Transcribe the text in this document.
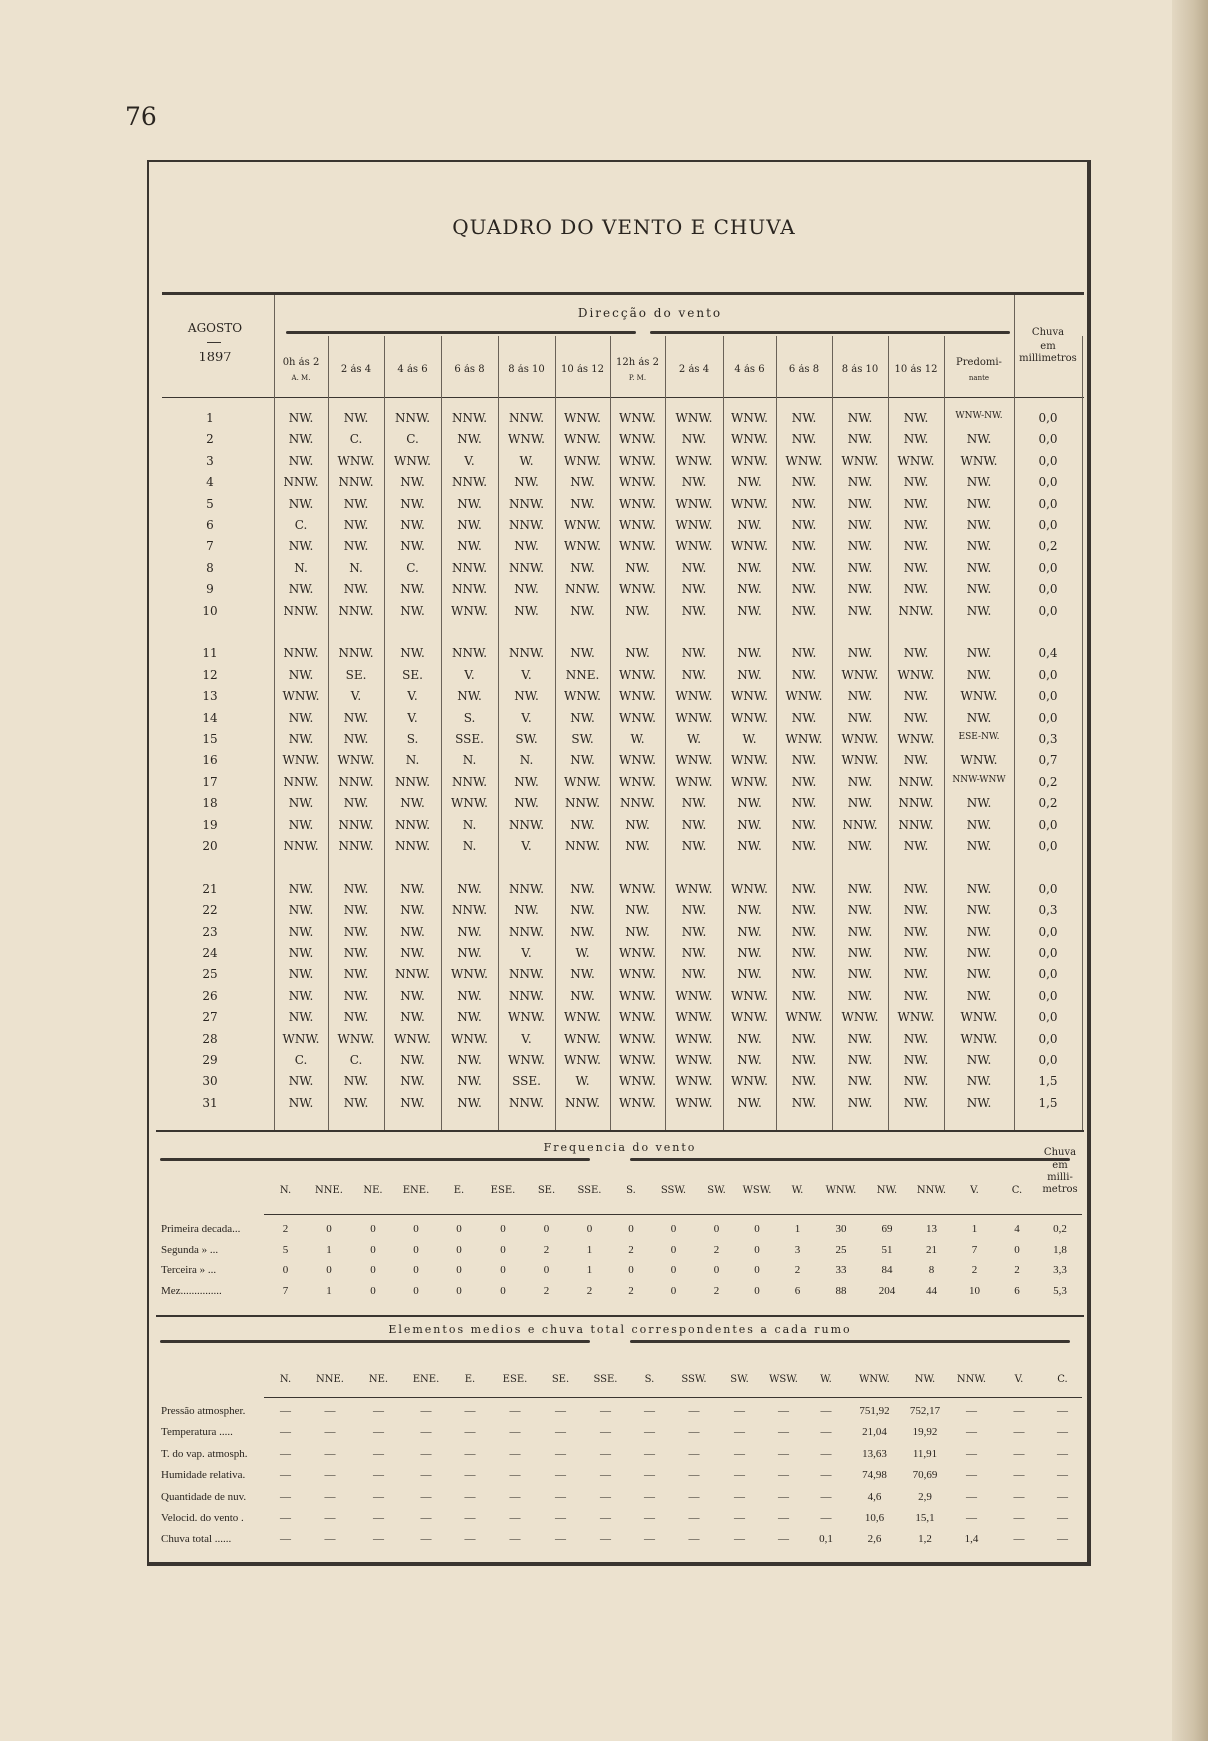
76
QUADRO DO VENTO E CHUVA
AGOSTO
1897
Direcção do vento
0h ás 2
A. M.
2 ás 4	4 ás 6	6 ás 8	8 ás 10	10 ás 12
12h ás 2
P. M.
2 ás 4	4 ás 6	6 ás 8	8 ás 10	10 ás 12
Predomi-
nante
Chuva
em
millimetros
1	NW.	NW.	NNW.	NNW.	NNW.	WNW.	WNW.	WNW.	WNW.	NW.	NW.	NW.	WNW-NW.	0,0
2	NW.	C.	C.	NW.	WNW.	WNW.	WNW.	NW.	WNW.	NW.	NW.	NW.	NW.	0,0
3	NW.	WNW.	WNW.	V.	W.	WNW.	WNW.	WNW.	WNW.	WNW.	WNW.	WNW.	WNW.	0,0
4	NNW.	NNW.	NW.	NNW.	NW.	NW.	WNW.	NW.	NW.	NW.	NW.	NW.	NW.	0,0
5	NW.	NW.	NW.	NW.	NNW.	NW.	WNW.	WNW.	WNW.	NW.	NW.	NW.	NW.	0,0
6	C.	NW.	NW.	NW.	NNW.	WNW.	WNW.	WNW.	NW.	NW.	NW.	NW.	NW.	0,0
7	NW.	NW.	NW.	NW.	NW.	WNW.	WNW.	WNW.	WNW.	NW.	NW.	NW.	NW.	0,2
8	N.	N.	C.	NNW.	NNW.	NW.	NW.	NW.	NW.	NW.	NW.	NW.	NW.	0,0
9	NW.	NW.	NW.	NNW.	NW.	NNW.	WNW.	NW.	NW.	NW.	NW.	NW.	NW.	0,0
10	NNW.	NNW.	NW.	WNW.	NW.	NW.	NW.	NW.	NW.	NW.	NW.	NNW.	NW.	0,0
11	NNW.	NNW.	NW.	NNW.	NNW.	NW.	NW.	NW.	NW.	NW.	NW.	NW.	NW.	0,4
12	NW.	SE.	SE.	V.	V.	NNE.	WNW.	NW.	NW.	NW.	WNW.	WNW.	NW.	0,0
13	WNW.	V.	V.	NW.	NW.	WNW.	WNW.	WNW.	WNW.	WNW.	NW.	NW.	WNW.	0,0
14	NW.	NW.	V.	S.	V.	NW.	WNW.	WNW.	WNW.	NW.	NW.	NW.	NW.	0,0
15	NW.	NW.	S.	SSE.	SW.	SW.	W.	W.	W.	WNW.	WNW.	WNW.	ESE-NW.	0,3
16	WNW.	WNW.	N.	N.	N.	NW.	WNW.	WNW.	WNW.	NW.	WNW.	NW.	WNW.	0,7
17	NNW.	NNW.	NNW.	NNW.	NW.	WNW.	WNW.	WNW.	WNW.	NW.	NW.	NNW.	NNW-WNW	0,2
18	NW.	NW.	NW.	WNW.	NW.	NNW.	NNW.	NW.	NW.	NW.	NW.	NNW.	NW.	0,2
19	NW.	NNW.	NNW.	N.	NNW.	NW.	NW.	NW.	NW.	NW.	NNW.	NNW.	NW.	0,0
20	NNW.	NNW.	NNW.	N.	V.	NNW.	NW.	NW.	NW.	NW.	NW.	NW.	NW.	0,0
21	NW.	NW.	NW.	NW.	NNW.	NW.	WNW.	WNW.	WNW.	NW.	NW.	NW.	NW.	0,0
22	NW.	NW.	NW.	NNW.	NW.	NW.	NW.	NW.	NW.	NW.	NW.	NW.	NW.	0,3
23	NW.	NW.	NW.	NW.	NNW.	NW.	NW.	NW.	NW.	NW.	NW.	NW.	NW.	0,0
24	NW.	NW.	NW.	NW.	V.	W.	WNW.	NW.	NW.	NW.	NW.	NW.	NW.	0,0
25	NW.	NW.	NNW.	WNW.	NNW.	NW.	WNW.	NW.	NW.	NW.	NW.	NW.	NW.	0,0
26	NW.	NW.	NW.	NW.	NNW.	NW.	WNW.	WNW.	WNW.	NW.	NW.	NW.	NW.	0,0
27	NW.	NW.	NW.	NW.	WNW.	WNW.	WNW.	WNW.	WNW.	WNW.	WNW.	WNW.	WNW.	0,0
28	WNW.	WNW.	WNW.	WNW.	V.	WNW.	WNW.	WNW.	NW.	NW.	NW.	NW.	WNW.	0,0
29	C.	C.	NW.	NW.	WNW.	WNW.	WNW.	WNW.	NW.	NW.	NW.	NW.	NW.	0,0
30	NW.	NW.	NW.	NW.	SSE.	W.	WNW.	WNW.	WNW.	NW.	NW.	NW.	NW.	1,5
31	NW.	NW.	NW.	NW.	NNW.	NNW.	WNW.	WNW.	NW.	NW.	NW.	NW.	NW.	1,5
Frequencia do vento
N.	NNE.	NE.	ENE.	E.	ESE.	SE.	SSE.	S.	SSW.	SW.	WSW.	W.	WNW.	NW.	NNW.	V.	C.
Primeira decada...	2	0	0	0	0	0	0	0	0	0	0	0	1	30	69	13	1	4	0,2
Segunda » ...	5	1	0	0	0	0	2	1	2	0	2	0	3	25	51	21	7	0	1,8
Terceira » ...	0	0	0	0	0	0	0	1	0	0	0	0	2	33	84	8	2	2	3,3
Mez...............	7	1	0	0	0	0	2	2	2	0	2	0	6	88	204	44	10	6	5,3
Chuva
em
milli-
metros
Elementos medios e chuva total correspondentes a cada rumo
N.	NNE.	NE.	ENE.	E.	ESE.	SE.	SSE.	S.	SSW.	SW.	WSW.	W.	WNW.	NW.	NNW.	V.	C.
Pressão atmospher.	—	—	—	—	—	—	—	—	—	—	—	—	—	751,92	752,17	—	—	—
Temperatura .....	—	—	—	—	—	—	—	—	—	—	—	—	—	21,04	19,92	—	—	—
T. do vap. atmosph.	—	—	—	—	—	—	—	—	—	—	—	—	—	13,63	11,91	—	—	—
Humidade relativa.	—	—	—	—	—	—	—	—	—	—	—	—	—	74,98	70,69	—	—	—
Quantidade de nuv.	—	—	—	—	—	—	—	—	—	—	—	—	—	4,6	2,9	—	—	—
Velocid. do vento .	—	—	—	—	—	—	—	—	—	—	—	—	—	10,6	15,1	—	—	—
Chuva total ......	—	—	—	—	—	—	—	—	—	—	—	—	0,1	2,6	1,2	1,4	—	—
